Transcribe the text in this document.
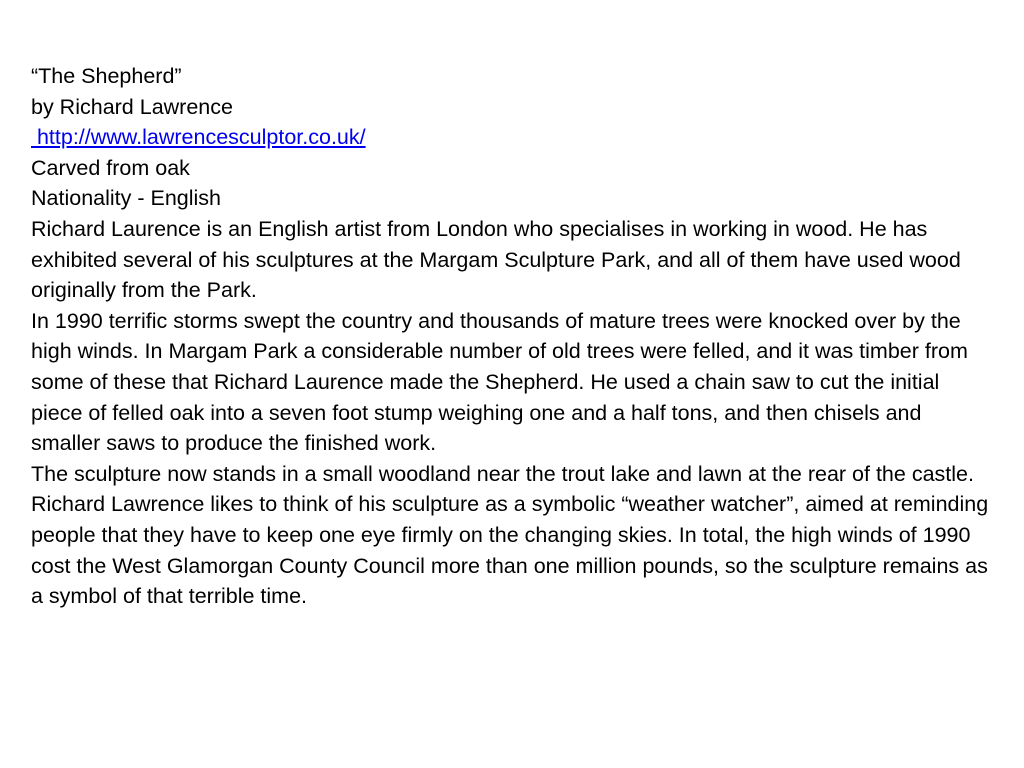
“The Shepherd”
by Richard Lawrence
http://www.lawrencesculptor.co.uk/
Carved from oak
Nationality - English

Richard Laurence is an English artist from London who specialises in working in wood. He has exhibited several of his sculptures at the Margam Sculpture Park, and all of them have used wood originally from the Park.

In 1990 terrific storms swept the country and thousands of mature trees were knocked over by the high winds. In Margam Park a considerable number of old trees were felled, and it was timber from some of these that Richard Laurence made the Shepherd. He used a chain saw to cut the initial piece of felled oak into a seven foot stump weighing one and a half tons, and then chisels and smaller saws to produce the finished work.

The sculpture now stands in a small woodland near the trout lake and lawn at the rear of the castle. Richard Lawrence likes to think of his sculpture as a symbolic “weather watcher”, aimed at reminding people that they have to keep one eye firmly on the changing skies. In total, the high winds of 1990 cost the West Glamorgan County Council more than one million pounds, so the sculpture remains as a symbol of that terrible time.
